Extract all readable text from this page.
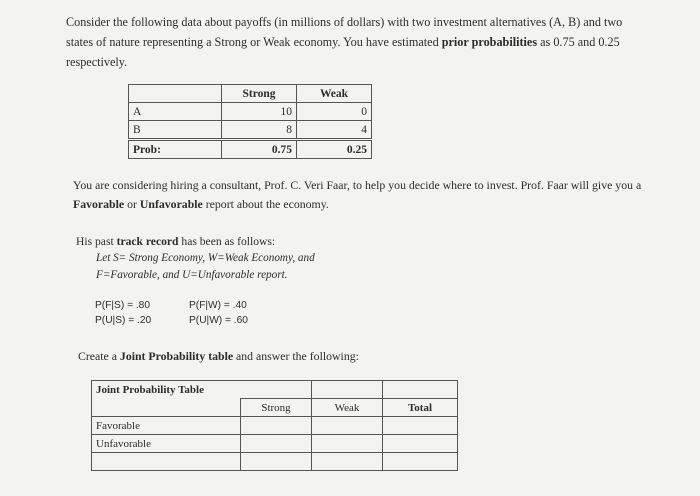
Consider the following data about payoffs (in millions of dollars) with two investment alternatives (A, B) and two states of nature representing a Strong or Weak economy. You have estimated prior probabilities as 0.75 and 0.25 respectively.
	Strong	Weak
A	10	0
B	8	4
Prob:	0.75	0.25
You are considering hiring a consultant, Prof. C. Veri Faar, to help you decide where to invest. Prof. Faar will give you a Favorable or Unfavorable report about the economy.

His past track record has been as follows:

Let S= Strong Economy, W=Weak Economy, and

F=Favorable, and U=Unfavorable report.

P(F|S) = .80

P(U|S) = .20

P(F|W) = .40

P(U|W) = .60

Create a Joint Probability table and answer the following:
Joint Probability Table				
		Strong	Weak	Total
Favorable				
Unfavorable				
